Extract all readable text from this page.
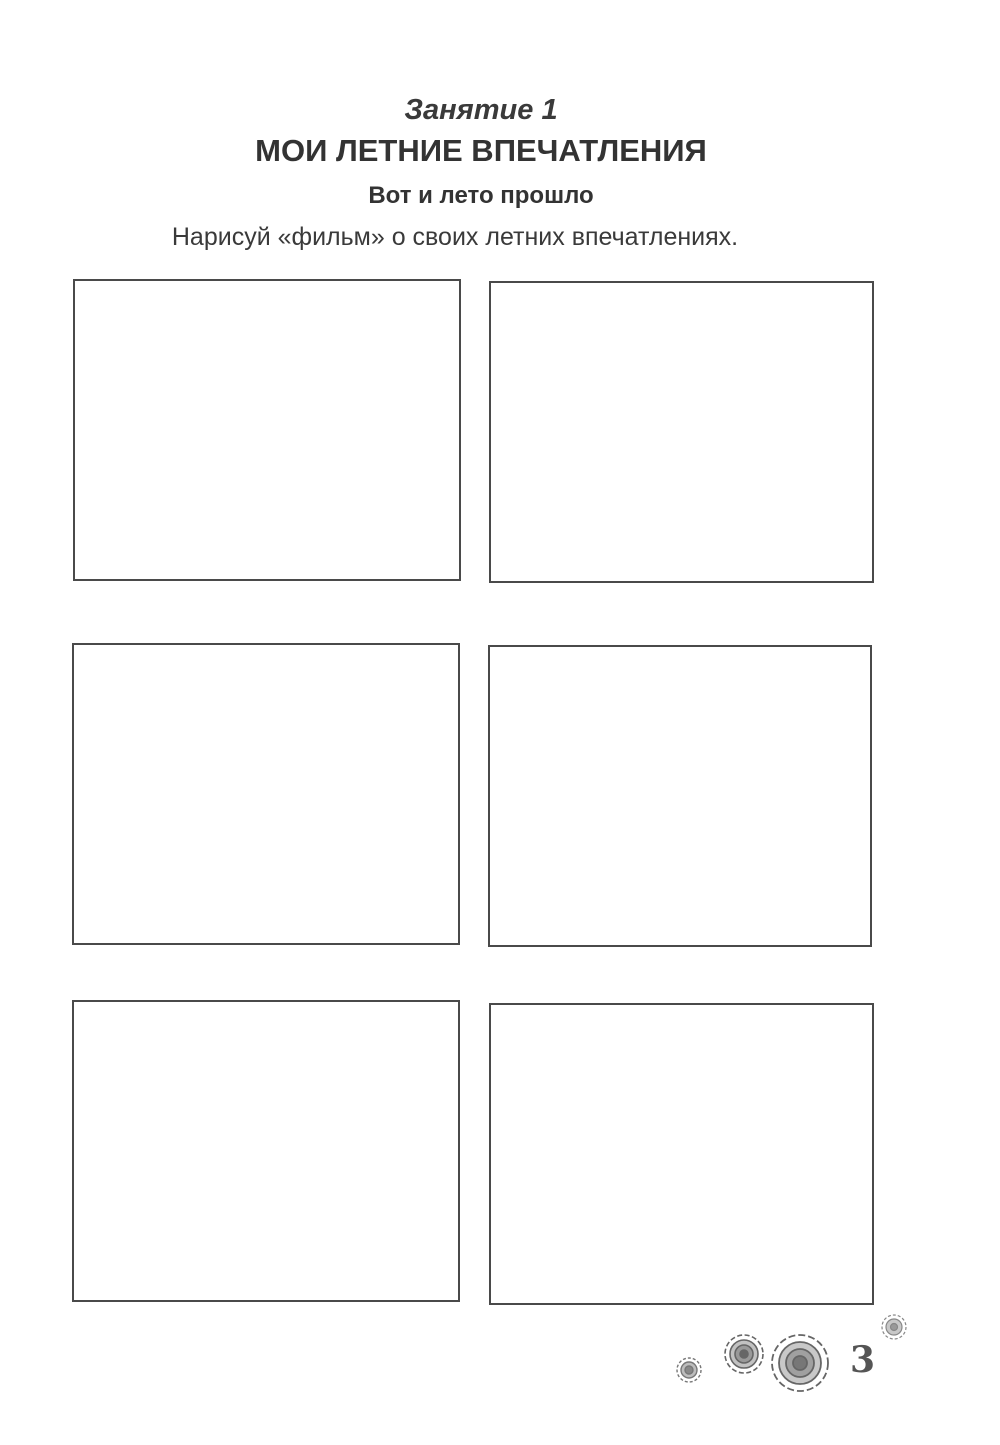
Занятие 1
МОИ ЛЕТНИЕ ВПЕЧАТЛЕНИЯ
Вот и лето прошло
Нарисуй «фильм» о своих летних впечатлениях.
3
